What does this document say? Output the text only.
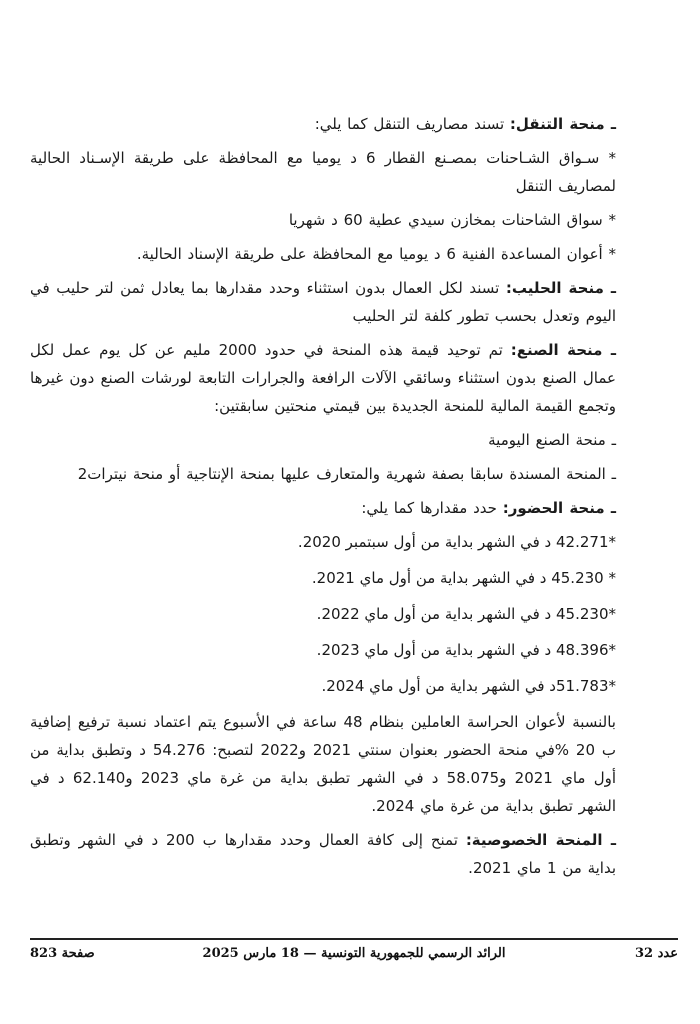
ـ منحة التنقل: تسند مصاريف التنقل كما يلي:

* سـواق الشـاحنات بمصـنع القطار 6 د يوميا مع المحافظة على طريقة الإسـناد الحالية لمصاريف التنقل

* سواق الشاحنات بمخازن سيدي عطية 60 د شهريا

* أعوان المساعدة الفنية 6 د يوميا مع المحافظة على طريقة الإسناد الحالية.

ـ منحة الحليب: تسند لكل العمال بدون استثناء وحدد مقدارها بما يعادل ثمن لتر حليب في اليوم وتعدل بحسب تطور كلفة لتر الحليب

ـ منحة الصنع: تم توحيد قيمة هذه المنحة في حدود 2000 مليم عن كل يوم عمل لكل عمال الصنع بدون استثناء وسائقي الآلات الرافعة والجرارات التابعة لورشات الصنع دون غيرها وتجمع القيمة المالية للمنحة الجديدة بين قيمتي منحتين سابقتين:

ـ منحة الصنع اليومية

ـ المنحة المسندة سابقا بصفة شهرية والمتعارف عليها بمنحة الإنتاجية أو منحة نيترات2

ـ منحة الحضور: حدد مقدارها كما يلي:

*42.271 د في الشهر بداية من أول سبتمبر 2020.

* 45.230 د في الشهر بداية من أول ماي 2021.

*45.230 د في الشهر بداية من أول ماي 2022.

*48.396 د في الشهر بداية من أول ماي 2023.

*51.783د في الشهر بداية من أول ماي 2024.

بالنسبة لأعوان الحراسة العاملين بنظام 48 ساعة في الأسبوع يتم اعتماد نسبة ترفيع إضافية ب 20 %في منحة الحضور بعنوان سنتي 2021 و2022 لتصبح: 54.276 د وتطبق بداية من أول ماي 2021 و58.075 د في الشهر تطبق بداية من غرة ماي 2023 و62.140 د في الشهر تطبق بداية من غرة ماي 2024.

ـ المنحة الخصوصية: تمنح إلى كافة العمال وحدد مقدارها ب 200 د في الشهر وتطبق بداية من 1 ماي 2021.

عدد 32
الرائد الرسمي للجمهورية التونسية — 18 مارس 2025
صفحة 823
